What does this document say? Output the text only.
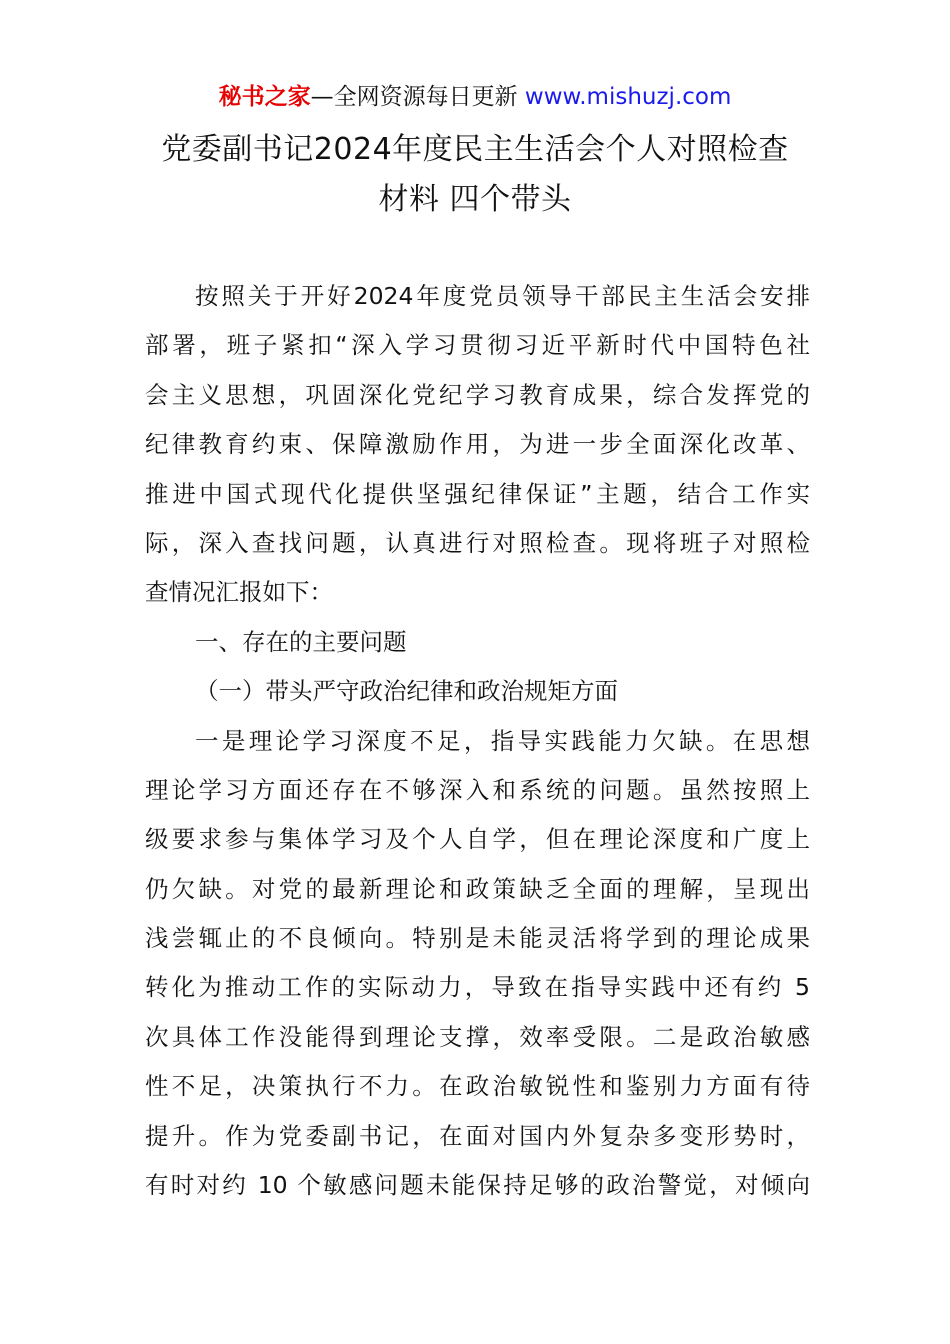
秘书之家—全网资源每日更新 www.mishuzj.com
党委副书记2024年度民主生活会个人对照检查
材料 四个带头
按照关于开好2024年度党员领导干部民主生活会安排
部署，班子紧扣“深入学习贯彻习近平新时代中国特色社
会主义思想，巩固深化党纪学习教育成果，综合发挥党的
纪律教育约束、保障激励作用，为进一步全面深化改革、
推进中国式现代化提供坚强纪律保证”主题，结合工作实
际，深入查找问题，认真进行对照检查。现将班子对照检
查情况汇报如下：
一、存在的主要问题
（一）带头严守政治纪律和政治规矩方面
一是理论学习深度不足，指导实践能力欠缺。在思想
理论学习方面还存在不够深入和系统的问题。虽然按照上
级要求参与集体学习及个人自学，但在理论深度和广度上
仍欠缺。对党的最新理论和政策缺乏全面的理解，呈现出
浅尝辄止的不良倾向。特别是未能灵活将学到的理论成果
转化为推动工作的实际动力，导致在指导实践中还有约 5
次具体工作没能得到理论支撑，效率受限。二是政治敏感
性不足，决策执行不力。在政治敏锐性和鉴别力方面有待
提升。作为党委副书记，在面对国内外复杂多变形势时，
有时对约 10 个敏感问题未能保持足够的政治警觉，对倾向
